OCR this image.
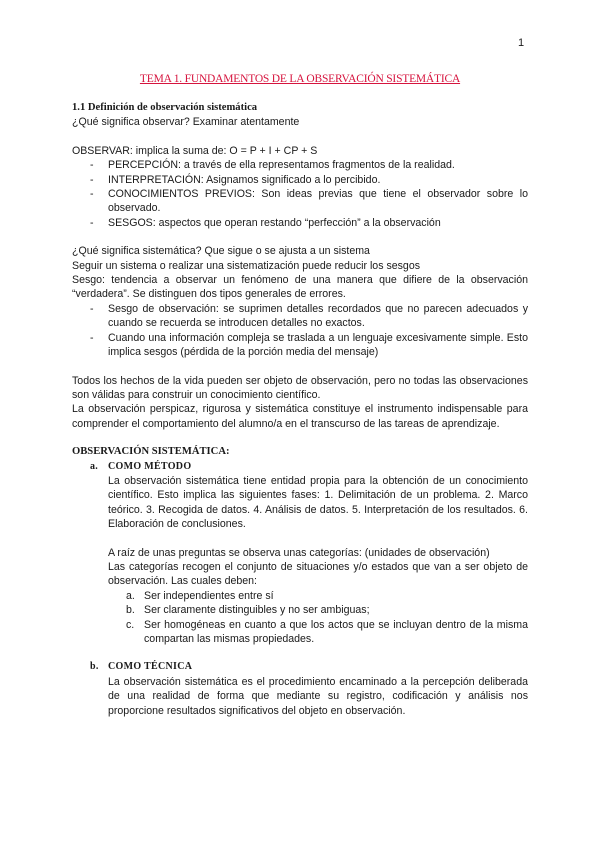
1
TEMA 1. FUNDAMENTOS DE LA OBSERVACIÓN SISTEMÁTICA

1.1 Definición de observación sistemática

¿Qué significa observar? Examinar atentamente

OBSERVAR: implica la suma de: O = P + I + CP + S

- PERCEPCIÓN: a través de ella representamos fragmentos de la realidad.
- INTERPRETACIÓN: Asignamos significado a lo percibido.
- CONOCIMIENTOS PREVIOS: Son ideas previas que tiene el observador sobre lo observado.
- SESGOS: aspectos que operan restando “perfección” a la observación

¿Qué significa sistemática? Que sigue o se ajusta a un sistema

Seguir un sistema o realizar una sistematización puede reducir los sesgos

Sesgo: tendencia a observar un fenómeno de una manera que difiere de la observación “verdadera”. Se distinguen dos tipos generales de errores.

- Sesgo de observación: se suprimen detalles recordados que no parecen adecuados y cuando se recuerda se introducen detalles no exactos.
- Cuando una información compleja se traslada a un lenguaje excesivamente simple. Esto implica sesgos (pérdida de la porción media del mensaje)

Todos los hechos de la vida pueden ser objeto de observación, pero no todas las observaciones son válidas para construir un conocimiento científico.

La observación perspicaz, rigurosa y sistemática constituye el instrumento indispensable para comprender el comportamiento del alumno/a en el transcurso de las tareas de aprendizaje.

OBSERVACIÓN SISTEMÁTICA:

a. COMO MÉTODO

La observación sistemática tiene entidad propia para la obtención de un conocimiento científico. Esto implica las siguientes fases: 1. Delimitación de un problema. 2. Marco teórico. 3. Recogida de datos. 4. Análisis de datos. 5. Interpretación de los resultados. 6. Elaboración de conclusiones.

A raíz de unas preguntas se observa unas categorías: (unidades de observación)

Las categorías recogen el conjunto de situaciones y/o estados que van a ser objeto de observación. Las cuales deben:

a. Ser independientes entre sí
b. Ser claramente distinguibles y no ser ambiguas;
c. Ser homogéneas en cuanto a que los actos que se incluyan dentro de la misma compartan las mismas propiedades.
b. COMO TÉCNICA

La observación sistemática es el procedimiento encaminado a la percepción deliberada de una realidad de forma que mediante su registro, codificación y análisis nos proporcione resultados significativos del objeto en observación.
